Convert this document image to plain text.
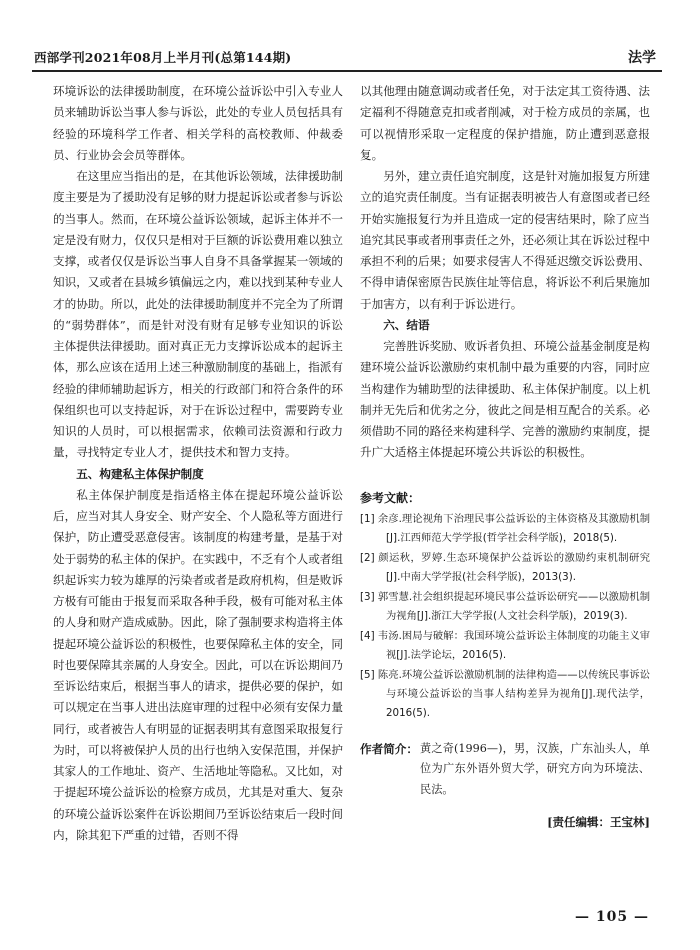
西部学刊2021年08月上半月刊(总第144期)	法学

环境诉讼的法律援助制度，在环境公益诉讼中引入专业人员来辅助诉讼当事人参与诉讼，此处的专业人员包括具有经验的环境科学工作者、相关学科的高校教师、仲裁委员、行业协会会员等群体。

在这里应当指出的是，在其他诉讼领域，法律援助制度主要是为了援助没有足够的财力提起诉讼或者参与诉讼的当事人。然而，在环境公益诉讼领域，起诉主体并不一定是没有财力，仅仅只是相对于巨额的诉讼费用难以独立支撑，或者仅仅是诉讼当事人自身不具备掌握某一领域的知识，又或者在县城乡镇偏远之内，难以找到某种专业人才的协助。所以，此处的法律援助制度并不完全为了所谓的“弱势群体”，而是针对没有财有足够专业知识的诉讼主体提供法律援助。面对真正无力支撑诉讼成本的起诉主体，那么应该在适用上述三种激励制度的基础上，指派有经验的律师辅助起诉方，相关的行政部门和符合条件的环保组织也可以支持起诉，对于在诉讼过程中，需要跨专业知识的人员时，可以根据需求，依赖司法资源和行政力量，寻找特定专业人才，提供技术和智力支持。

五、构建私主体保护制度

私主体保护制度是指适格主体在提起环境公益诉讼后，应当对其人身安全、财产安全、个人隐私等方面进行保护，防止遭受恶意侵害。该制度的构建考量，是基于对处于弱势的私主体的保护。在实践中，不乏有个人或者组织起诉实力较为雄厚的污染者或者是政府机构，但是败诉方极有可能由于报复而采取各种手段，极有可能对私主体的人身和财产造成威胁。因此，除了强制要求构造将主体提起环境公益诉讼的积极性，也要保障私主体的安全，同时也要保障其亲属的人身安全。因此，可以在诉讼期间乃至诉讼结束后，根据当事人的请求，提供必要的保护，如可以规定在当事人进出法庭审理的过程中必须有安保力量同行，或者被告人有明显的证据表明其有意图采取报复行为时，可以将被保护人员的出行也纳入安保范围，并保护其家人的工作地址、资产、生活地址等隐私。又比如，对于提起环境公益诉讼的检察方成员，尤其是对重大、复杂的环境公益诉讼案件在诉讼期间乃至诉讼结束后一段时间内，除其犯下严重的过错，否则不得

以其他理由随意调动或者任免，对于法定其工资待遇、法定福利不得随意克扣或者削减，对于检方成员的亲属，也可以视情形采取一定程度的保护措施，防止遭到恶意报复。

另外，建立责任追究制度，这是针对施加报复方所建立的追究责任制度。当有证据表明被告人有意图或者已经开始实施报复行为并且造成一定的侵害结果时，除了应当追究其民事或者刑事责任之外，还必须让其在诉讼过程中承担不利的后果；如要求侵害人不得延迟缴交诉讼费用、不得申请保密原告民族住址等信息，将诉讼不利后果施加于加害方，以有利于诉讼进行。

六、结语

完善胜诉奖励、败诉者负担、环境公益基金制度是构建环境公益诉讼激励约束机制中最为重要的内容，同时应当构建作为辅助型的法律援助、私主体保护制度。以上机制并无先后和优劣之分，彼此之间是相互配合的关系。必须借助不同的路径来构建科学、完善的激励约束制度，提升广大适格主体提起环境公共诉讼的积极性。

参考文献：
[1] 余彦.理论视角下治理民事公益诉讼的主体资格及其激励机制[J].江西师范大学学报(哲学社会科学版)，2018(5).
[2] 颜运秋，罗婷.生态环境保护公益诉讼的激励约束机制研究[J].中南大学学报(社会科学版)，2013(3).
[3] 郭雪慧.社会组织提起环境民事公益诉讼研究——以激励机制为视角[J].浙江大学学报(人文社会科学版)，2019(3).
[4] 韦汤.困局与破解：我国环境公益诉讼主体制度的功能主义审视[J].法学论坛，2016(5).
[5] 陈亮.环境公益诉讼激励机制的法律构造——以传统民事诉讼与环境公益诉讼的当事人结构差异为视角[J].现代法学，2016(5).
作者简介： 黄之奇(1996—)，男，汉族，广东汕头人，单位为广东外语外贸大学，研究方向为环境法、民法。
[责任编辑：王宝林]
— 105 —
